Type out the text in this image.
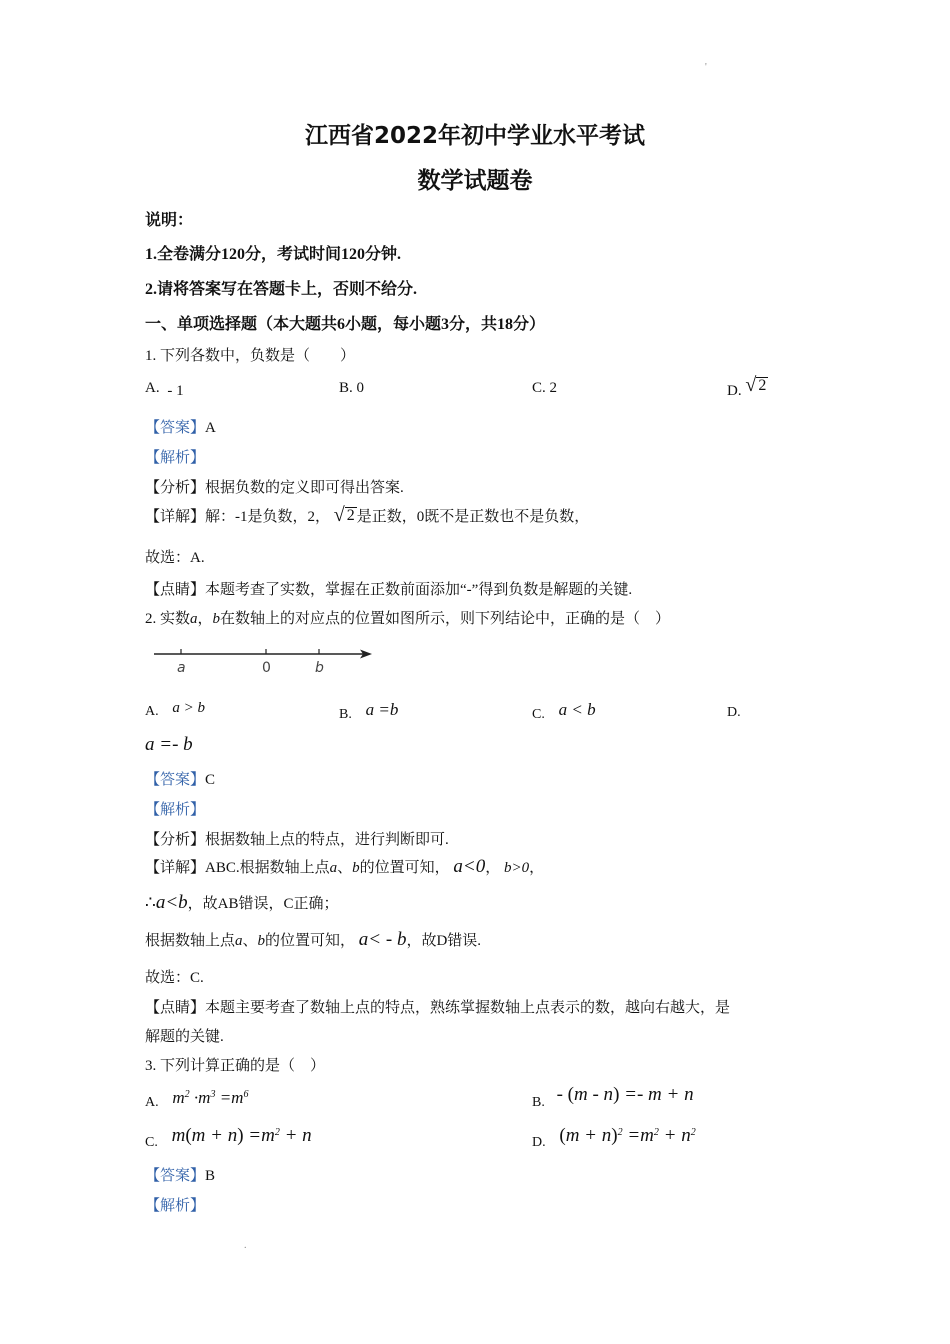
'
.
江西省2022年初中学业水平考试
数学试题卷
说明：
1.全卷满分120分，考试时间120分钟.
2.请将答案写在答题卡上，否则不给分.
一、单项选择题（本大题共6小题，每小题3分，共18分）
1. 下列各数中，负数是（　　）
A. - 1	B. 0	C. 2	D. √ 2
【答案】A
【解析】
【分析】根据负数的定义即可得出答案.
【详解】解：-1是负数，2， √ 2 是正数，0既不是正数也不是负数，
故选：A.
【点睛】本题考查了实数，掌握在正数前面添加“-”得到负数是解题的关键.
2. 实数a，b在数轴上的对应点的位置如图所示，则下列结论中，正确的是（　）
a	0	b
A. a > b	B. a =b	C. a < b	D.
a =- b
【答案】C
【解析】
【分析】根据数轴上点的特点，进行判断即可.
【详解】ABC.根据数轴上点a、b的位置可知， a<0， b>0，
∴a<b，故AB错误，C正确；
根据数轴上点a、b的位置可知， a< - b，故D错误.
故选：C.
【点睛】本题主要考查了数轴上点的特点，熟练掌握数轴上点表示的数，越向右越大，是
解题的关键.
3. 下列计算正确的是（　）
A. $m^2 \cdot m^3 =m^6$
B. - (m - n) =- m + n
C. $m(m + n) =m^2 + n$	D. $(m + n)^2 =m^2 + n^2$
【答案】B
【解析】
